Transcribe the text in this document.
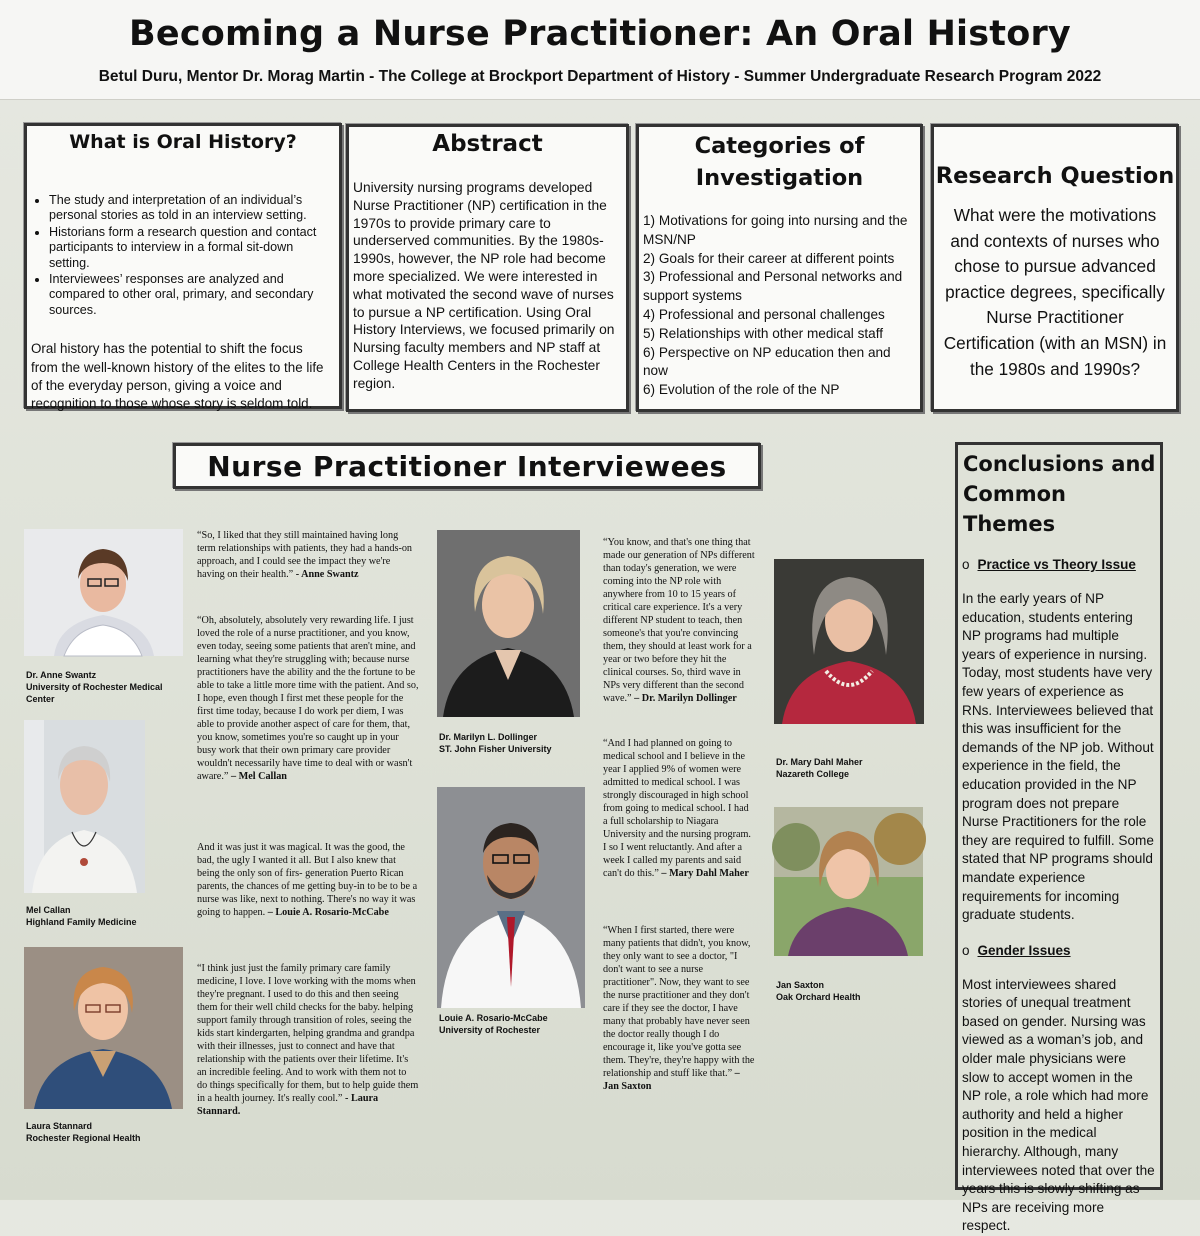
Becoming a Nurse Practitioner: An Oral History
Betul Duru, Mentor Dr. Morag Martin - The College at Brockport Department of History - Summer Undergraduate Research Program 2022
What is Oral History?
• The study and interpretation of an individual’s personal stories as told in an interview setting.
• Historians form a research question and contact participants to interview in a formal sit-down setting.
• Interviewees’ responses are analyzed and compared to other oral, primary, and secondary sources.

Oral history has the potential to shift the focus from the well-known history of the elites to the life of the everyday person, giving a voice and recognition to those whose story is seldom told.

Abstract

University nursing programs developed Nurse Practitioner (NP) certification in the 1970s to provide primary care to underserved communities. By the 1980s-1990s, however, the NP role had become more specialized. We were interested in what motivated the second wave of nurses to pursue a NP certification. Using Oral History Interviews, we focused primarily on Nursing faculty members and NP staff at College Health Centers in the Rochester region.

Categories of Investigation
1) Motivations for going into nursing and the MSN/NP
2) Goals for their career at different points
3) Professional and Personal networks and support systems
4) Professional and personal challenges
5) Relationships with other medical staff
6) Perspective on NP education then and now
6) Evolution of the role of the NP
Research Question

What were the motivations and contexts of nurses who chose to pursue advanced practice degrees, specifically Nurse Practitioner Certification (with an MSN) in the 1980s and 1990s?

Nurse Practitioner Interviewees
Dr. Anne Swantz
University of Rochester Medical Center
Mel Callan
Highland Family Medicine
Laura Stannard
Rochester Regional Health
Dr. Marilyn L. Dollinger
ST. John Fisher University
Louie A. Rosario-McCabe
University of Rochester
Dr. Mary Dahl Maher
Nazareth College
Jan Saxton
Oak Orchard Health
“So, I liked that they still maintained having long term relationships with patients, they had a hands-on approach, and I could see the impact they we're having on their health.” - Anne Swantz
“Oh, absolutely, absolutely very rewarding life. I just loved the role of a nurse practitioner, and you know, even today, seeing some patients that aren't mine, and learning what they're struggling with; because nurse practitioners have the ability and the the fortune to be able to take a little more time with the patient. And so, I hope, even though I first met these people for the first time today, because I do work per diem, I was able to provide another aspect of care for them, that, you know, sometimes you're so caught up in your busy work that their own primary care provider wouldn't necessarily have time to deal with or wasn't aware.” – Mel Callan
And it was just it was magical. It was the good, the bad, the ugly I wanted it all. But I also knew that being the only son of firs- generation Puerto Rican parents, the chances of me getting buy-in to be to be a nurse was like, next to nothing. There's no way it was going to happen. – Louie A. Rosario-McCabe
“I think just just the family primary care family medicine, I love. I love working with the moms when they're pregnant. I used to do this and then seeing them for their well child checks for the baby. helping support family through transition of roles, seeing the kids start kindergarten, helping grandma and grandpa with their illnesses, just to connect and have that relationship with the patients over their lifetime. It's an incredible feeling. And to work with them not to do things specifically for them, but to help guide them in a health journey. It's really cool.” - Laura Stannard.
“You know, and that's one thing that made our generation of NPs different than today's generation, we were coming into the NP role with anywhere from 10 to 15 years of critical care experience. It's a very different NP student to teach, then someone's that you're convincing them, they should at least work for a year or two before they hit the clinical courses. So, third wave in NPs very different than the second wave.” – Dr. Marilyn Dollinger
“And I had planned on going to medical school and I believe in the year I applied 9% of women were admitted to medical school. I was strongly discouraged in high school from going to medical school. I had a full scholarship to Niagara University and the nursing program. I so I went reluctantly. And after a week I called my parents and said can't do this.” – Mary Dahl Maher
“When I first started, there were many patients that didn't, you know, they only want to see a doctor, "I don't want to see a nurse practitioner". Now, they want to see the nurse practitioner and they don't care if they see the doctor, I have many that probably have never seen the doctor really though I do encourage it, like you've gotta see them. They're, they're happy with the relationship and stuff like that.” – Jan Saxton
Conclusions and Common Themes
o Practice vs Theory Issue

In the early years of NP education, students entering NP programs had multiple years of experience in nursing. Today, most students have very few years of experience as RNs. Interviewees believed that this was insufficient for the demands of the NP job. Without experience in the field, the education provided in the NP program does not prepare Nurse Practitioners for the role they are required to fulfill. Some stated that NP programs should mandate experience requirements for incoming graduate students.

o Gender Issues

Most interviewees shared stories of unequal treatment based on gender. Nursing was viewed as a woman’s job, and older male physicians were slow to accept women in the NP role, a role which had more authority and held a higher position in the medical hierarchy. Although, many interviewees noted that over the years this is slowly shifting as NPs are receiving more respect.
